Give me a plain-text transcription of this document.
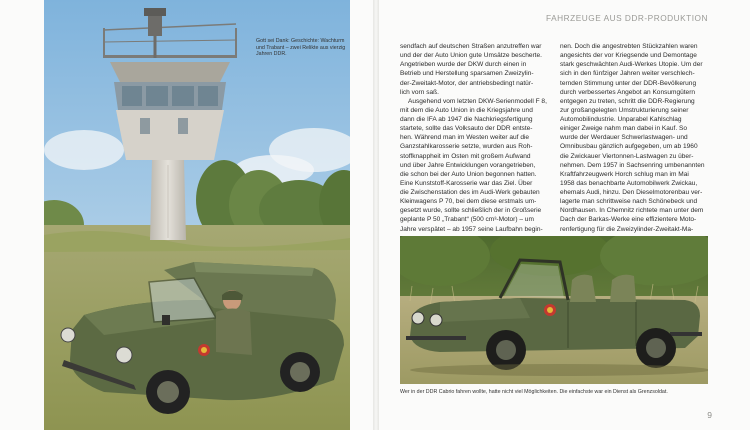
Gott sei Dank: Geschichte: Wachturm
und Trabant – zwei Relikte aus vierzig
Jahren DDR.
FAHRZEUGE AUS DDR-PRODUKTION

sendfach auf deutschen Straßen anzutreffen war

und der der Auto Union gute Umsätze bescherte.

Angetrieben wurde der DKW durch einen in

Betrieb und Herstellung sparsamen Zweizylin-

der-Zweitakt-Motor, der antriebsbedingt natür-

lich vorn saß.

Ausgehend vom letzten DKW-Serienmodell F 8,

mit dem die Auto Union in die Kriegsjahre und

dann die IFA ab 1947 die Nachkriegsfertigung

startete, sollte das Volksauto der DDR entste-

hen. Während man im Westen weiter auf die

Ganzstahlkarosserie setzte, wurden aus Roh-

stoffknappheit im Osten mit großem Aufwand

und über Jahre Entwicklungen vorangetrieben,

die schon bei der Auto Union begonnen hatten.

Eine Kunststoff-Karosserie war das Ziel. Über

die Zwischenstation des im Audi-Werk gebauten

Kleinwagens P 70, bei dem diese erstmals um-

gesetzt wurde, sollte schließlich der in Großserie

geplante P 50 „Trabant“ (500 cm³-Motor) – um

Jahre verspätet – ab 1957 seine Laufbahn begin-

nen. Doch die angestrebten Stückzahlen waren

angesichts der vor Kriegsende und Demontage

stark geschwächten Audi-Werkes Utopie. Um der

sich in den fünfziger Jahren weiter verschlech-

ternden Stimmung unter der DDR-Bevölkerung

durch verbessertes Angebot an Konsumgütern

entgegen zu treten, schritt die DDR-Regierung

zur großangelegten Umstrukturierung seiner

Automobilindustrie. Unparabel Kahlschlag

einiger Zweige nahm man dabei in Kauf. So

wurde der Werdauer Schwerlastwagen- und

Omnibusbau gänzlich aufgegeben, um ab 1960

die Zwickauer Viertonnen-Lastwagen zu über-

nehmen. Dem 1957 in Sachsenring umbenannten

Kraftfahrzeugwerk Horch schlug man im Mai

1958 das benachbarte Automobilwerk Zwickau,

ehemals Audi, hinzu. Den Dieselmotorenbau ver-

lagerte man schrittweise nach Schönebeck und

Nordhausen. In Chemnitz richtete man unter dem

Dach der Barkas-Werke eine effizientere Moto-

renfertigung für die Zweizylinder-Zweitakt-Ma-

Wer in der DDR Cabrio fahren wollte, hatte nicht viel Möglichkeiten. Die einfachste war ein Dienst als Grenzsoldat.
9
